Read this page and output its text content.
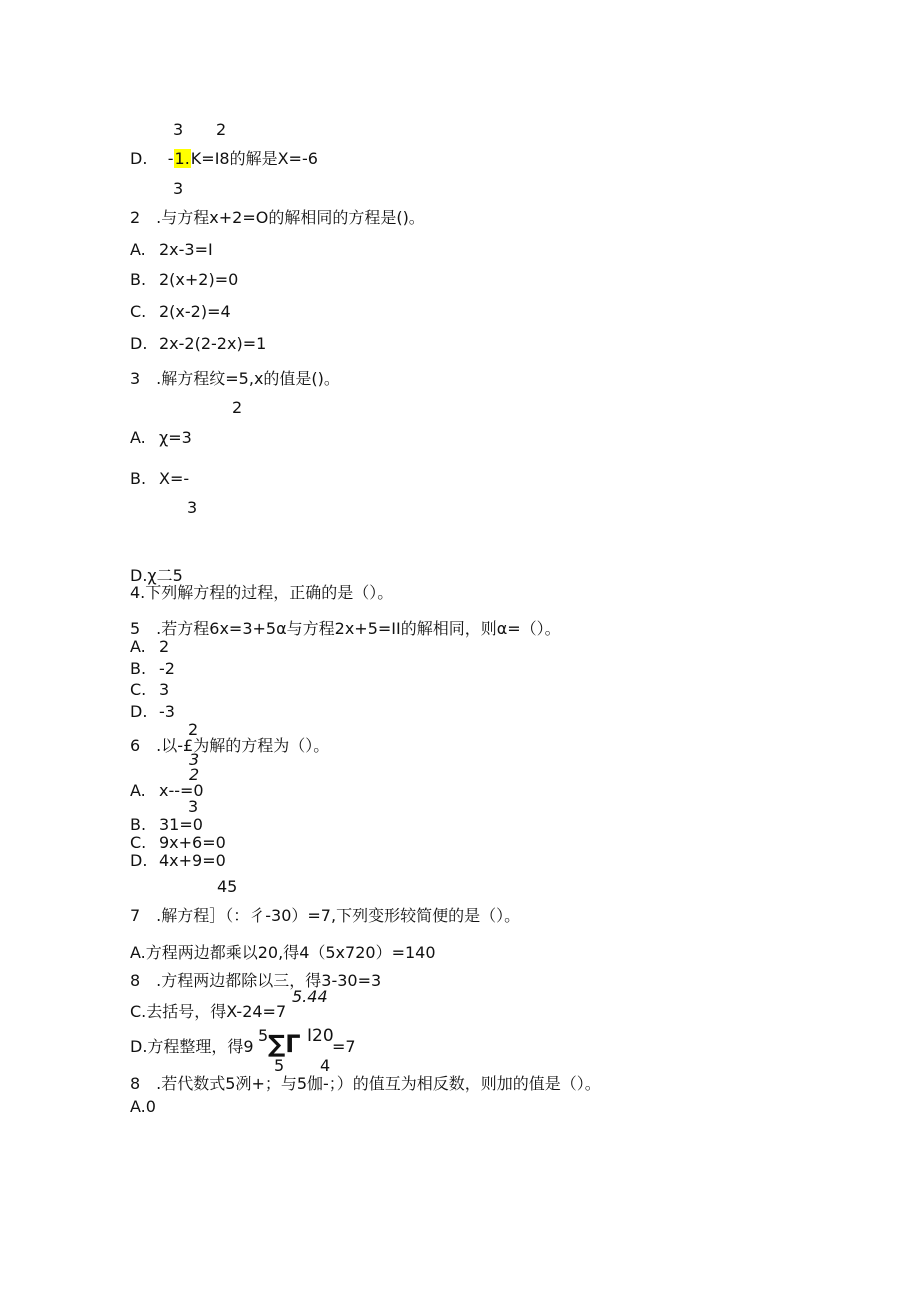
3 2
D. -1.K=I8的解是X=-6
3
2　.与方程x+2=O的解相同的方程是()。
A. 2x-3=I
B. 2(x+2)=0
C. 2(x-2)=4
D. 2x-2(2-2x)=1
3　.解方程纹=5,x的值是()。
2
A. χ=3
B. X=-
3
D.χ二5
4.下列解方程的过程，正确的是（）。
5　.若方程6x=3+5α与方程2x+5=II的解相同，则α=（）。
A. 2
B. -2
C. 3
D. -3
2
6　.以-£为解的方程为（）。
3
2
A. x--=0
3
B. 31=0
C. 9x+6=0
D. 4x+9=0
45
7　.解方程］（：彳-30）=7,下列变形较简便的是（）。
A.方程两边都乘以20,得4（5x720）=140
8　.方程两边都除以三，得3-30=3
5.44
C.去括号，得X-24=7
D.方程整理，得9
5 ∑Γ I20
=7
5 4
8　.若代数式5冽+；与5伽-；）的值互为相反数，则加的值是（）。
A.0
